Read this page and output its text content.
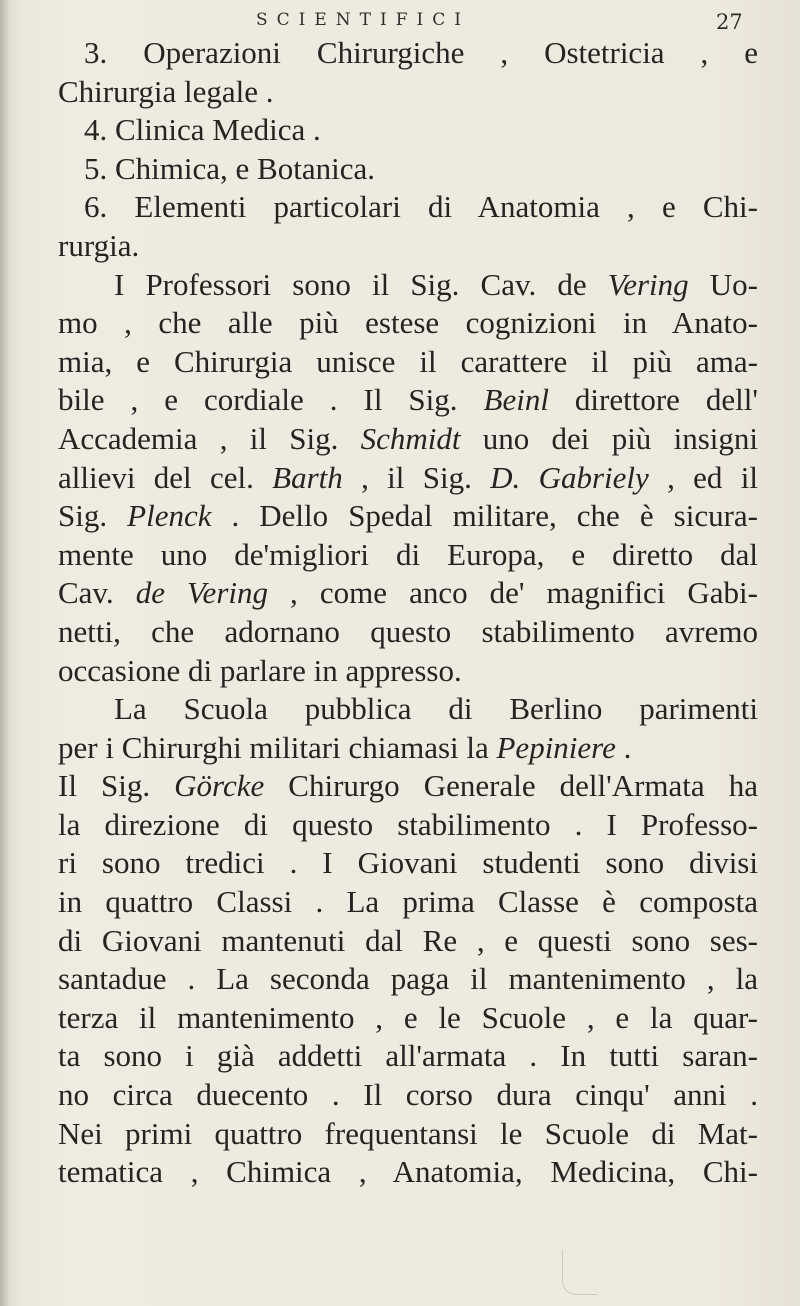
SCIENTIFICI	27
3. Operazioni Chirurgiche , Ostetricia , e
Chirurgia legale .
4. Clinica Medica .
5. Chimica, e Botanica.
6. Elementi particolari di Anatomia , e Chi-
rurgia.
I Professori sono il Sig. Cav. de Vering Uo-
mo , che alle più estese cognizioni in Anato-
mia, e Chirurgia unisce il carattere il più ama-
bile , e cordiale . Il Sig. Beinl direttore dell'
Accademia , il Sig. Schmidt uno dei più insigni
allievi del cel. Barth , il Sig. D. Gabriely , ed il
Sig. Plenck . Dello Spedal militare, che è sicura-
mente uno de'migliori di Europa, e diretto dal
Cav. de Vering , come anco de' magnifici Gabi-
netti, che adornano questo stabilimento avremo
occasione di parlare in appresso.
La Scuola pubblica di Berlino parimenti
per i Chirurghi militari chiamasi la Pepiniere .
Il Sig. Görcke Chirurgo Generale dell'Armata ha
la direzione di questo stabilimento . I Professo-
ri sono tredici . I Giovani studenti sono divisi
in quattro Classi . La prima Classe è composta
di Giovani mantenuti dal Re , e questi sono ses-
santadue . La seconda paga il mantenimento , la
terza il mantenimento , e le Scuole , e la quar-
ta sono i già addetti all'armata . In tutti saran-
no circa duecento . Il corso dura cinqu' anni .
Nei primi quattro frequentansi le Scuole di Mat-
tematica , Chimica , Anatomia, Medicina, Chi-
